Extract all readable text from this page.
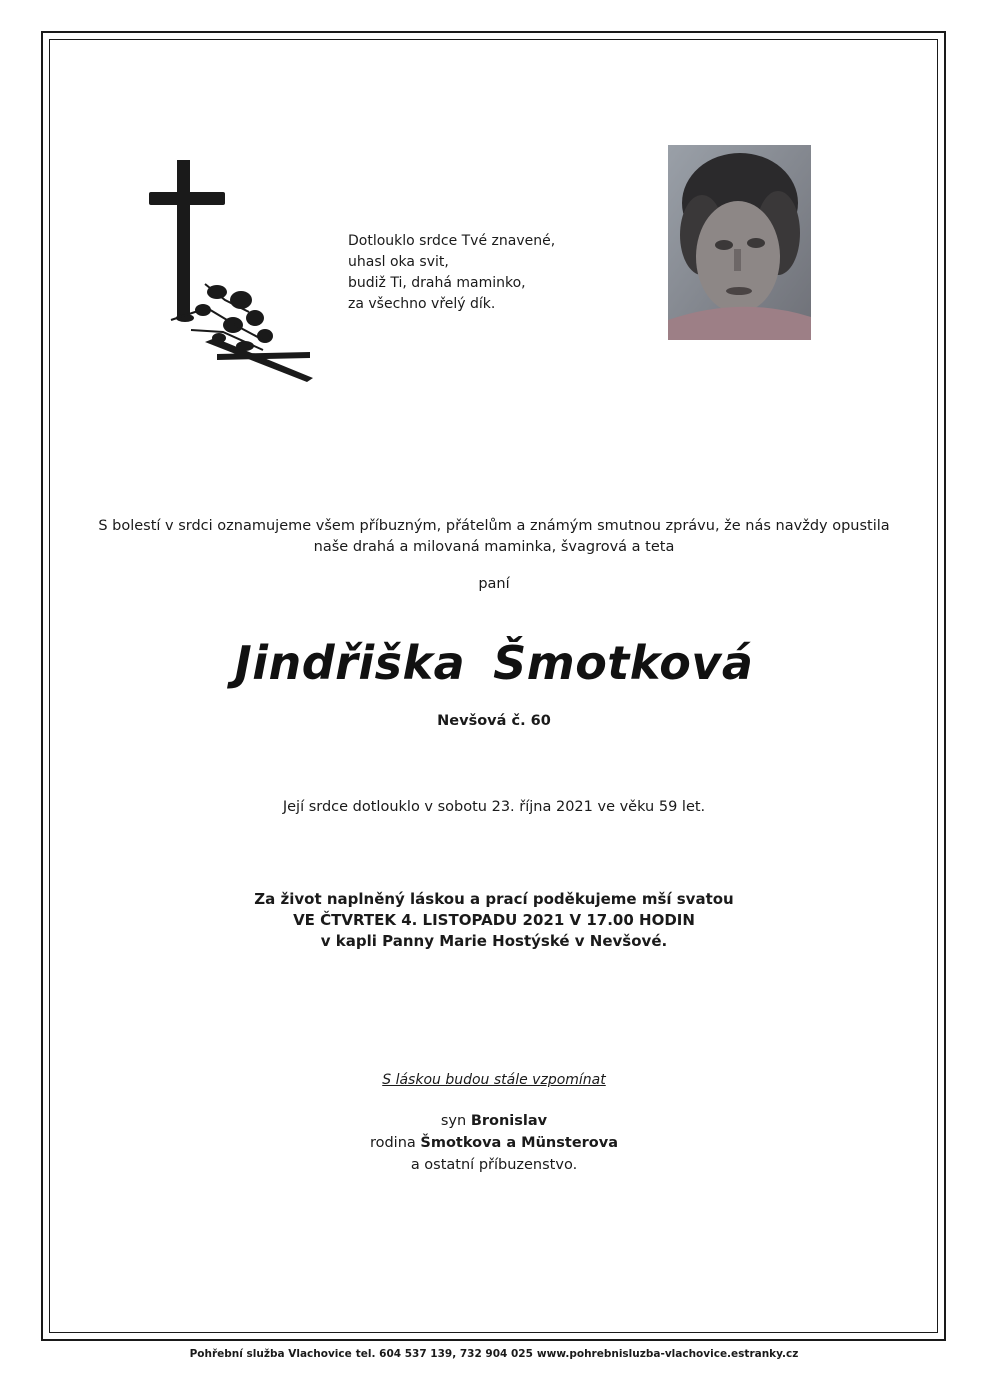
Dotlouklo srdce Tvé znavené,
uhasl oka svit,
budiž Ti, drahá maminko,
za všechno vřelý dík.
S bolestí v srdci oznamujeme všem příbuzným, přátelům a známým smutnou zprávu, že nás navždy opustila
naše drahá a milovaná maminka, švagrová a teta
paní
Jindřiška Šmotková
Nevšová č. 60
Její srdce dotlouklo v sobotu 23. října 2021 ve věku 59 let.
Za život naplněný láskou a prací poděkujeme mší svatou
VE ČTVRTEK 4. LISTOPADU 2021 V 17.00 HODIN
v kapli Panny Marie Hostýské v Nevšové.
S láskou budou stále vzpomínat
syn Bronislav
rodina Šmotkova a Münsterova
a ostatní příbuzenstvo.
Pohřební služba Vlachovice tel. 604 537 139, 732 904 025 www.pohrebnisluzba-vlachovice.estranky.cz
